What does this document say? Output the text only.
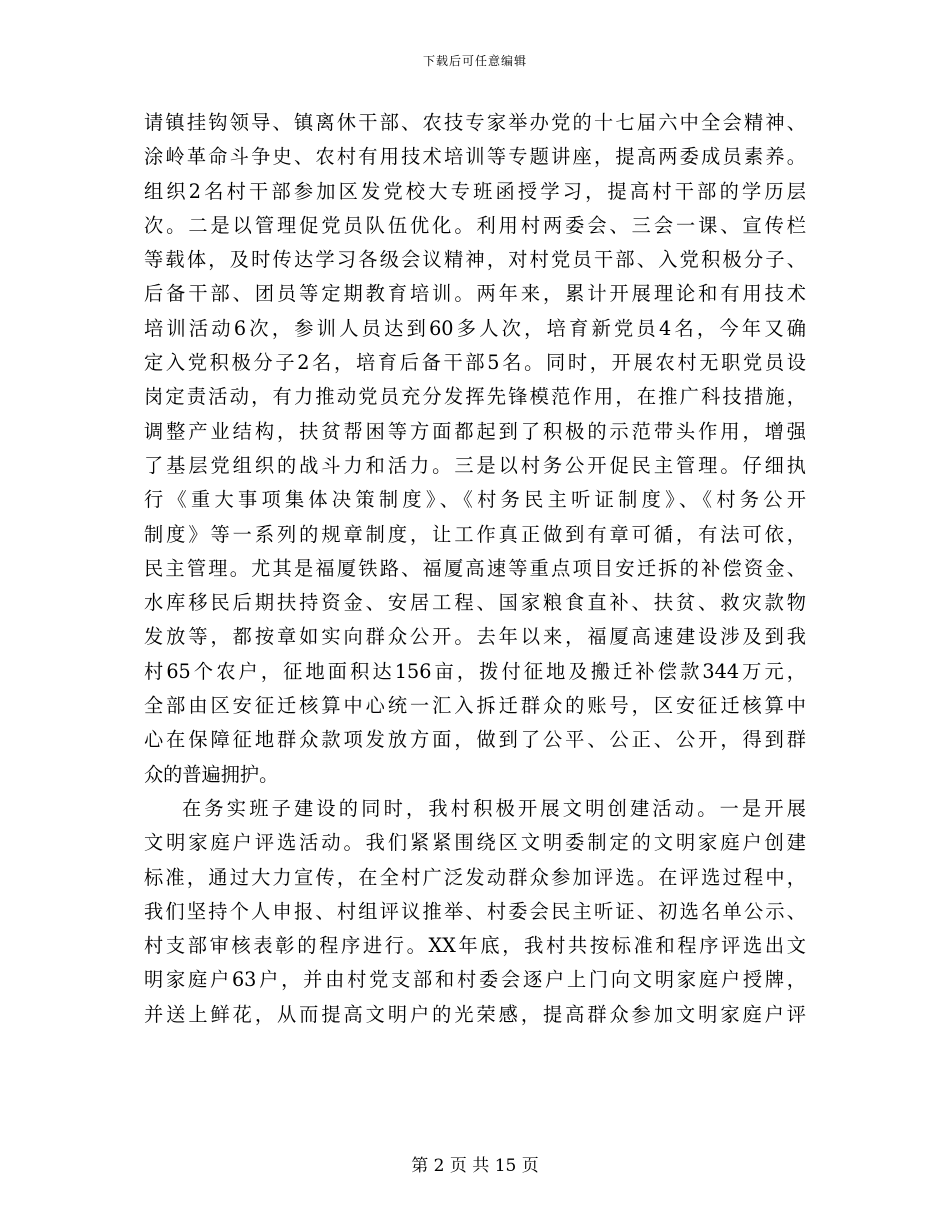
下载后可任意编辑
请镇挂钩领导、镇离休干部、农技专家举办党的十七届六中全会精神、
涂岭革命斗争史、农村有用技术培训等专题讲座，提高两委成员素养。
组织2名村干部参加区发党校大专班函授学习，提高村干部的学历层
次。二是以管理促党员队伍优化。利用村两委会、三会一课、宣传栏
等载体，及时传达学习各级会议精神，对村党员干部、入党积极分子、
后备干部、团员等定期教育培训。两年来，累计开展理论和有用技术
培训活动6次，参训人员达到60多人次，培育新党员4名，今年又确
定入党积极分子2名，培育后备干部5名。同时，开展农村无职党员设
岗定责活动，有力推动党员充分发挥先锋模范作用，在推广科技措施，
调整产业结构，扶贫帮困等方面都起到了积极的示范带头作用，增强
了基层党组织的战斗力和活力。三是以村务公开促民主管理。仔细执
行《重大事项集体决策制度》、《村务民主听证制度》、《村务公开
制度》等一系列的规章制度，让工作真正做到有章可循，有法可依，
民主管理。尤其是福厦铁路、福厦高速等重点项目安迁拆的补偿资金、
水库移民后期扶持资金、安居工程、国家粮食直补、扶贫、救灾款物
发放等，都按章如实向群众公开。去年以来，福厦高速建设涉及到我
村65个农户，征地面积达156亩，拨付征地及搬迁补偿款344万元，
全部由区安征迁核算中心统一汇入拆迁群众的账号，区安征迁核算中
心在保障征地群众款项发放方面，做到了公平、公正、公开，得到群
众的普遍拥护。
在务实班子建设的同时，我村积极开展文明创建活动。一是开展
文明家庭户评选活动。我们紧紧围绕区文明委制定的文明家庭户创建
标准，通过大力宣传，在全村广泛发动群众参加评选。在评选过程中，
我们坚持个人申报、村组评议推举、村委会民主听证、初选名单公示、
村支部审核表彰的程序进行。XX年底，我村共按标准和程序评选出文
明家庭户63户，并由村党支部和村委会逐户上门向文明家庭户授牌，
并送上鲜花，从而提高文明户的光荣感，提高群众参加文明家庭户评
第 2 页 共 15 页
